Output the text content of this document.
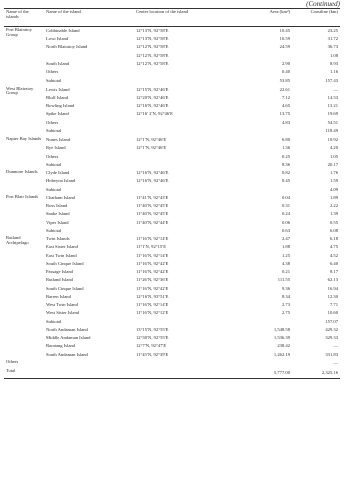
(Continued)
Name of the islands	Name of the island	Center location of the island	Area (km²)	Coastline (km)
Port Blairatoy Group	Cobbinable Island	12°13′N, 92°58′E	10.45	23.25
	Lowi Island	12°13′N, 92°58′E	16.59	31.72
	North Blairatoy Island	12°12′N, 92°58′E	24.59	36.73
		12°12′N, 92°58′E		1.08
	South Island	12°12′N, 92°58′E	2.90	8.93
	Others		0.40	1.16
	Subtotal		53.85	157.43
West Blairatoy Group	Lewis Island	12°15′N, 92°46′E	22.61	—
	Bluff Island	12°20′N, 92°46′E	7.12	14.53
	Bowling Island	12°16′N, 92°46′E	4.65	13.21
	Spike Island	12°16′ 2′N, 92°46′E	13.75	19.69
	Others		4.83	54.51
	Subtotal			118.49
Napier Bay Islands	Nunes Island	12°1′N, 92°46′E	6.80	10.92
	Rye Island	12°1′N, 92°46′E	1.36	4.20
	Others		0.25	1.05
	Subtotal		8.36	20.17
Dunmore Islands	Clyde Island	12°16′N, 92°46′E	0.82	1.76
	Hobeyon Island	12°16′N, 92°46′E	0.45	1.59
	Subtotal			4.09
Port Blair Islands	Chatham Island	11°41′N, 92°43′E	0.04	1.89
	Ross Island	11°40′N, 92°45′E	0.31	2.22
	Snake Island	11°40′N, 92°45′E	0.24	1.39
	Viper Island	11°40′N, 92°44′E	0.06	0.55
	Subtotal		0.63	6.08
Rutland Archipelago	Twin Islands	11°16′N, 92°14′E	2.47	6.18
	East Sister Island	11°1′N, 92°15′E	1.88	4.75
	East Twin Island	11°16′N, 92°14′E	1.25	4.52
	South Cinque Island	11°16′N, 92°42′E	4.38	6.40
	Passage Island	11°16′N, 92°42′E	0.21	8.17
	Rutland Island	11°26′N, 92°36′E	111.55	62.13
	South Cinque Island	11°16′N, 92°42′E	9.36	16.94
	Barren Island	12°16′N, 93°51′E	8.34	12.30
	West Twin Island	11°16′N, 92°14′E	2.73	7.71
	West Sister Island	11°16′N, 92°12′E	2.75	10.60
	Subtotal			157.07
	North Andaman Island	13°15′N, 92°55′E	1,548.58	429.32
	Middle Andaman Island	12°30′N, 92°55′E	1,536.39	329.33
	Baratang Island	12°7′N, 92°47′E	238.42	—
	South Andaman Island	11°45′N, 92°39′E	1,262.19	331.83
Others				—
Total			5,777.00	2,325.16
